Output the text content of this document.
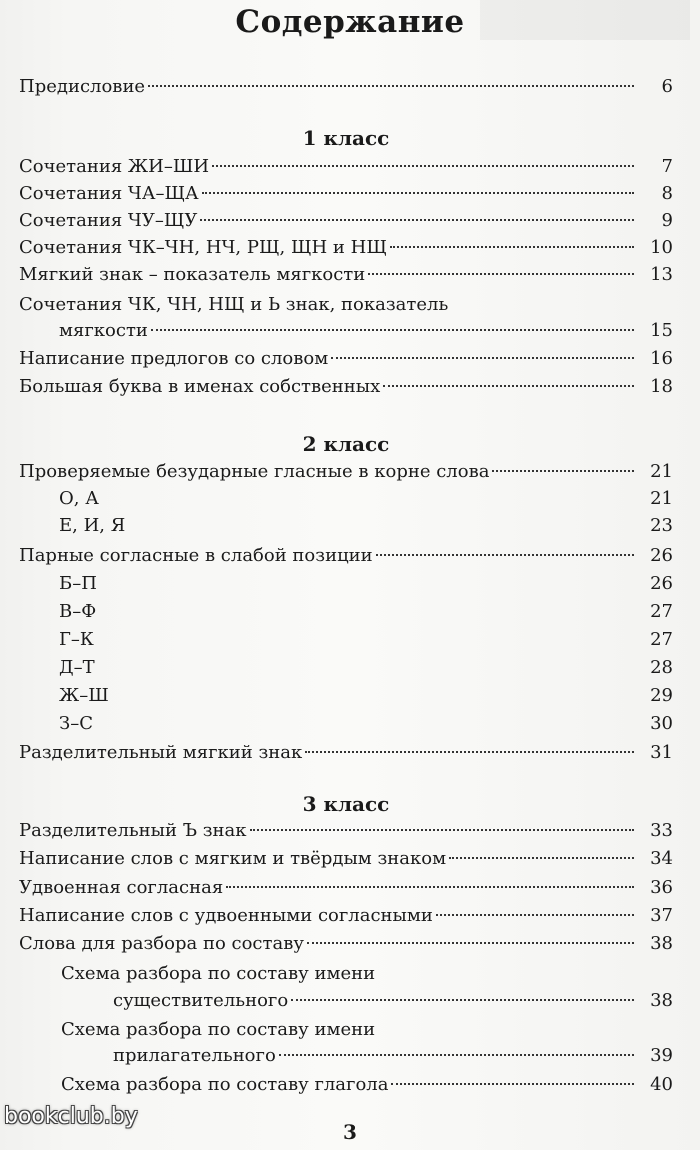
Содержание
Предисловие	6
1 класс
Сочетания ЖИ–ШИ	7
Сочетания ЧА–ЩА	8
Сочетания ЧУ–ЩУ	9
Сочетания ЧК–ЧН, НЧ, РЩ, ЩН и НЩ	10
Мягкий знак – показатель мягкости	13
Сочетания ЧК, ЧН, НЩ и Ь знак, показатель
мягкости	15
Написание предлогов со словом	16
Большая буква в именах собственных	18
2 класс
Проверяемые безударные гласные в корне слова	21
О, А	21
Е, И, Я	23
Парные согласные в слабой позиции	26
Б–П	26
В–Ф	27
Г–К	27
Д–Т	28
Ж–Ш	29
З–С	30
Разделительный мягкий знак	31
3 класс
Разделительный Ъ знак	33
Написание слов с мягким и твёрдым знаком	34
Удвоенная согласная	36
Написание слов с удвоенными согласными	37
Слова для разбора по составу	38
Схема разбора по составу имени
существительного	38
Схема разбора по составу имени
прилагательного	39
Схема разбора по составу глагола	40
3
bookclub.by
